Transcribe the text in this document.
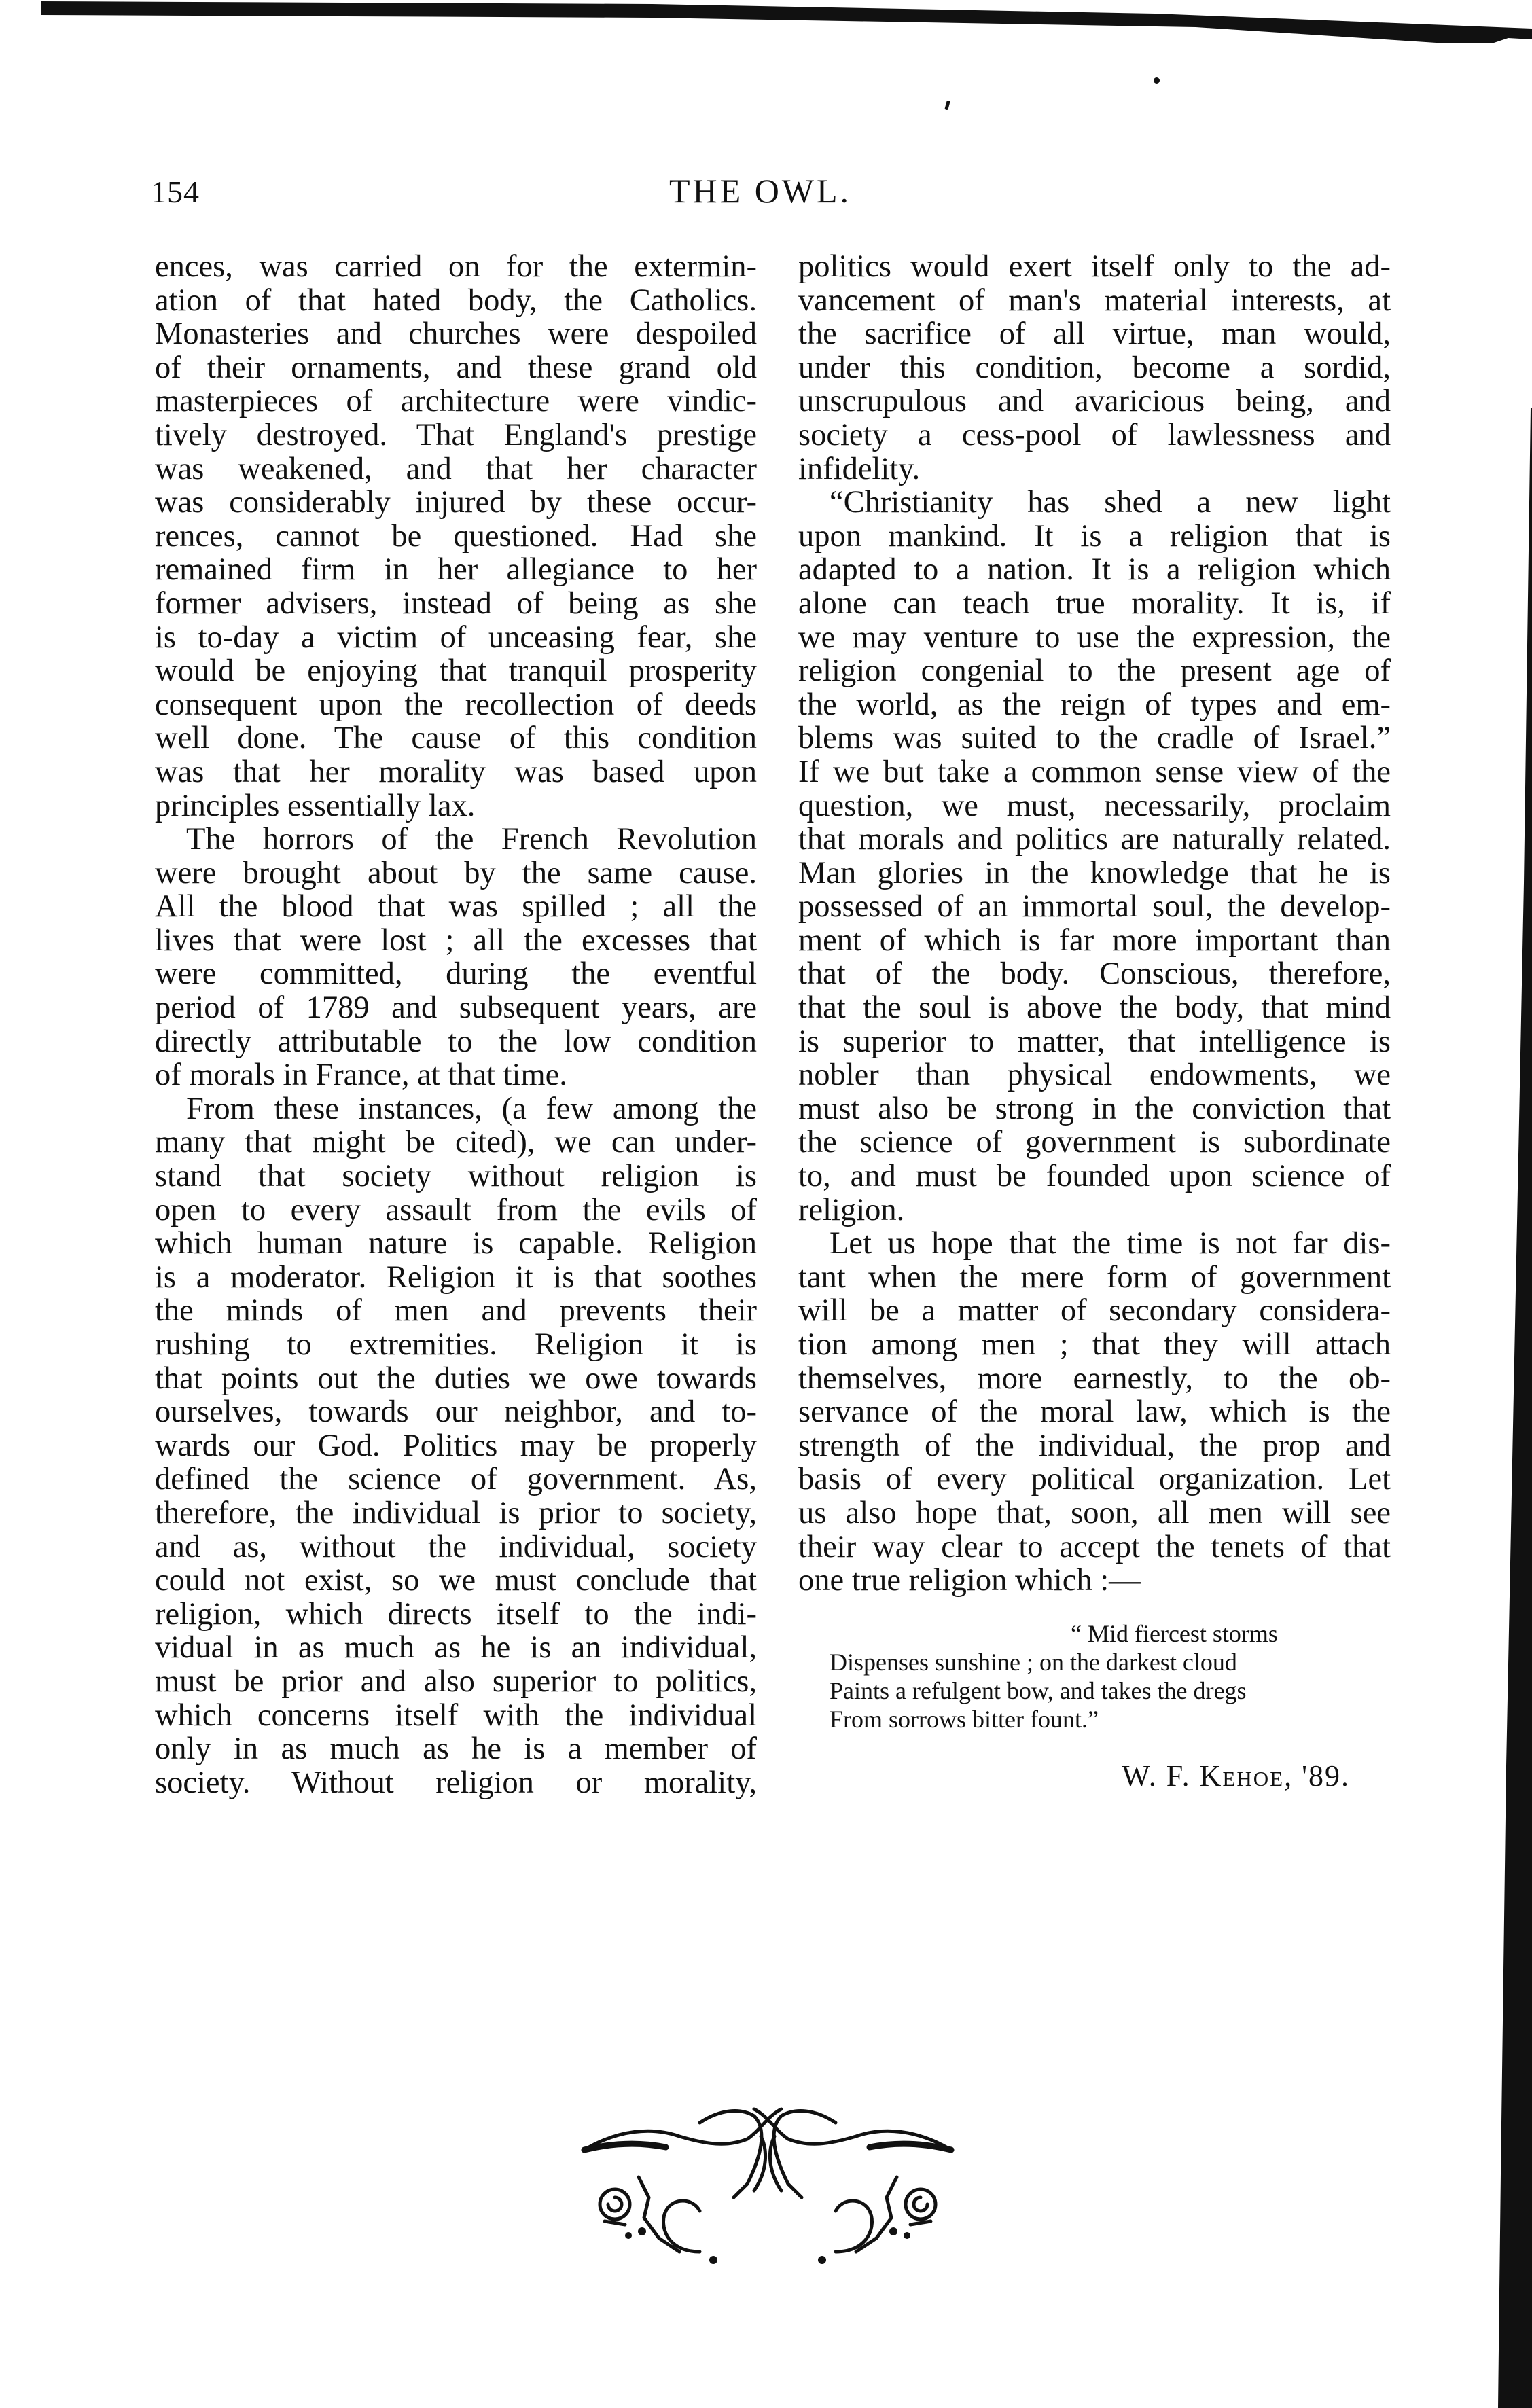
154	THE OWL.

ences, was carried on for the extermin-
ation of that hated body, the Catholics.
Monasteries and churches were despoiled
of their ornaments, and these grand old
masterpieces of architecture were vindic-
tively destroyed. That England's prestige
was weakened, and that her character
was considerably injured by these occur-
rences, cannot be questioned. Had she
remained firm in her allegiance to her
former advisers, instead of being as she
is to-day a victim of unceasing fear, she
would be enjoying that tranquil prosperity
consequent upon the recollection of deeds
well done. The cause of this condition
was that her morality was based upon
principles essentially lax.

The horrors of the French Revolution
were brought about by the same cause.
All the blood that was spilled ; all the
lives that were lost ; all the excesses that
were committed, during the eventful
period of 1789 and subsequent years, are
directly attributable to the low condition
of morals in France, at that time.

From these instances, (a few among the
many that might be cited), we can under-
stand that society without religion is
open to every assault from the evils of
which human nature is capable. Religion
is a moderator. Religion it is that soothes
the minds of men and prevents their
rushing to extremities. Religion it is
that points out the duties we owe towards
ourselves, towards our neighbor, and to-
wards our God. Politics may be properly
defined the science of government. As,
therefore, the individual is prior to society,
and as, without the individual, society
could not exist, so we must conclude that
religion, which directs itself to the indi-
vidual in as much as he is an individual,
must be prior and also superior to politics,
which concerns itself with the individual
only in as much as he is a member of
society. Without religion or morality,

politics would exert itself only to the ad-
vancement of man's material interests, at
the sacrifice of all virtue, man would,
under this condition, become a sordid,
unscrupulous and avaricious being, and
society a cess-pool of lawlessness and
infidelity.

“Christianity has shed a new light
upon mankind. It is a religion that is
adapted to a nation. It is a religion which
alone can teach true morality. It is, if
we may venture to use the expression, the
religion congenial to the present age of
the world, as the reign of types and em-
blems was suited to the cradle of Israel.”
If we but take a common sense view of the
question, we must, necessarily, proclaim
that morals and politics are naturally related.
Man glories in the knowledge that he is
possessed of an immortal soul, the develop-
ment of which is far more important than
that of the body. Conscious, therefore,
that the soul is above the body, that mind
is superior to matter, that intelligence is
nobler than physical endowments, we
must also be strong in the conviction that
the science of government is subordinate
to, and must be founded upon science of
religion.

Let us hope that the time is not far dis-
tant when the mere form of government
will be a matter of secondary considera-
tion among men ; that they will attach
themselves, more earnestly, to the ob-
servance of the moral law, which is the
strength of the individual, the prop and
basis of every political organization. Let
us also hope that, soon, all men will see
their way clear to accept the tenets of that
one true religion which :—

“ Mid fiercest storms
Dispenses sunshine ; on the darkest cloud
Paints a refulgent bow, and takes the dregs
From sorrows bitter fount.”
W. F. Kehoe, '89.
